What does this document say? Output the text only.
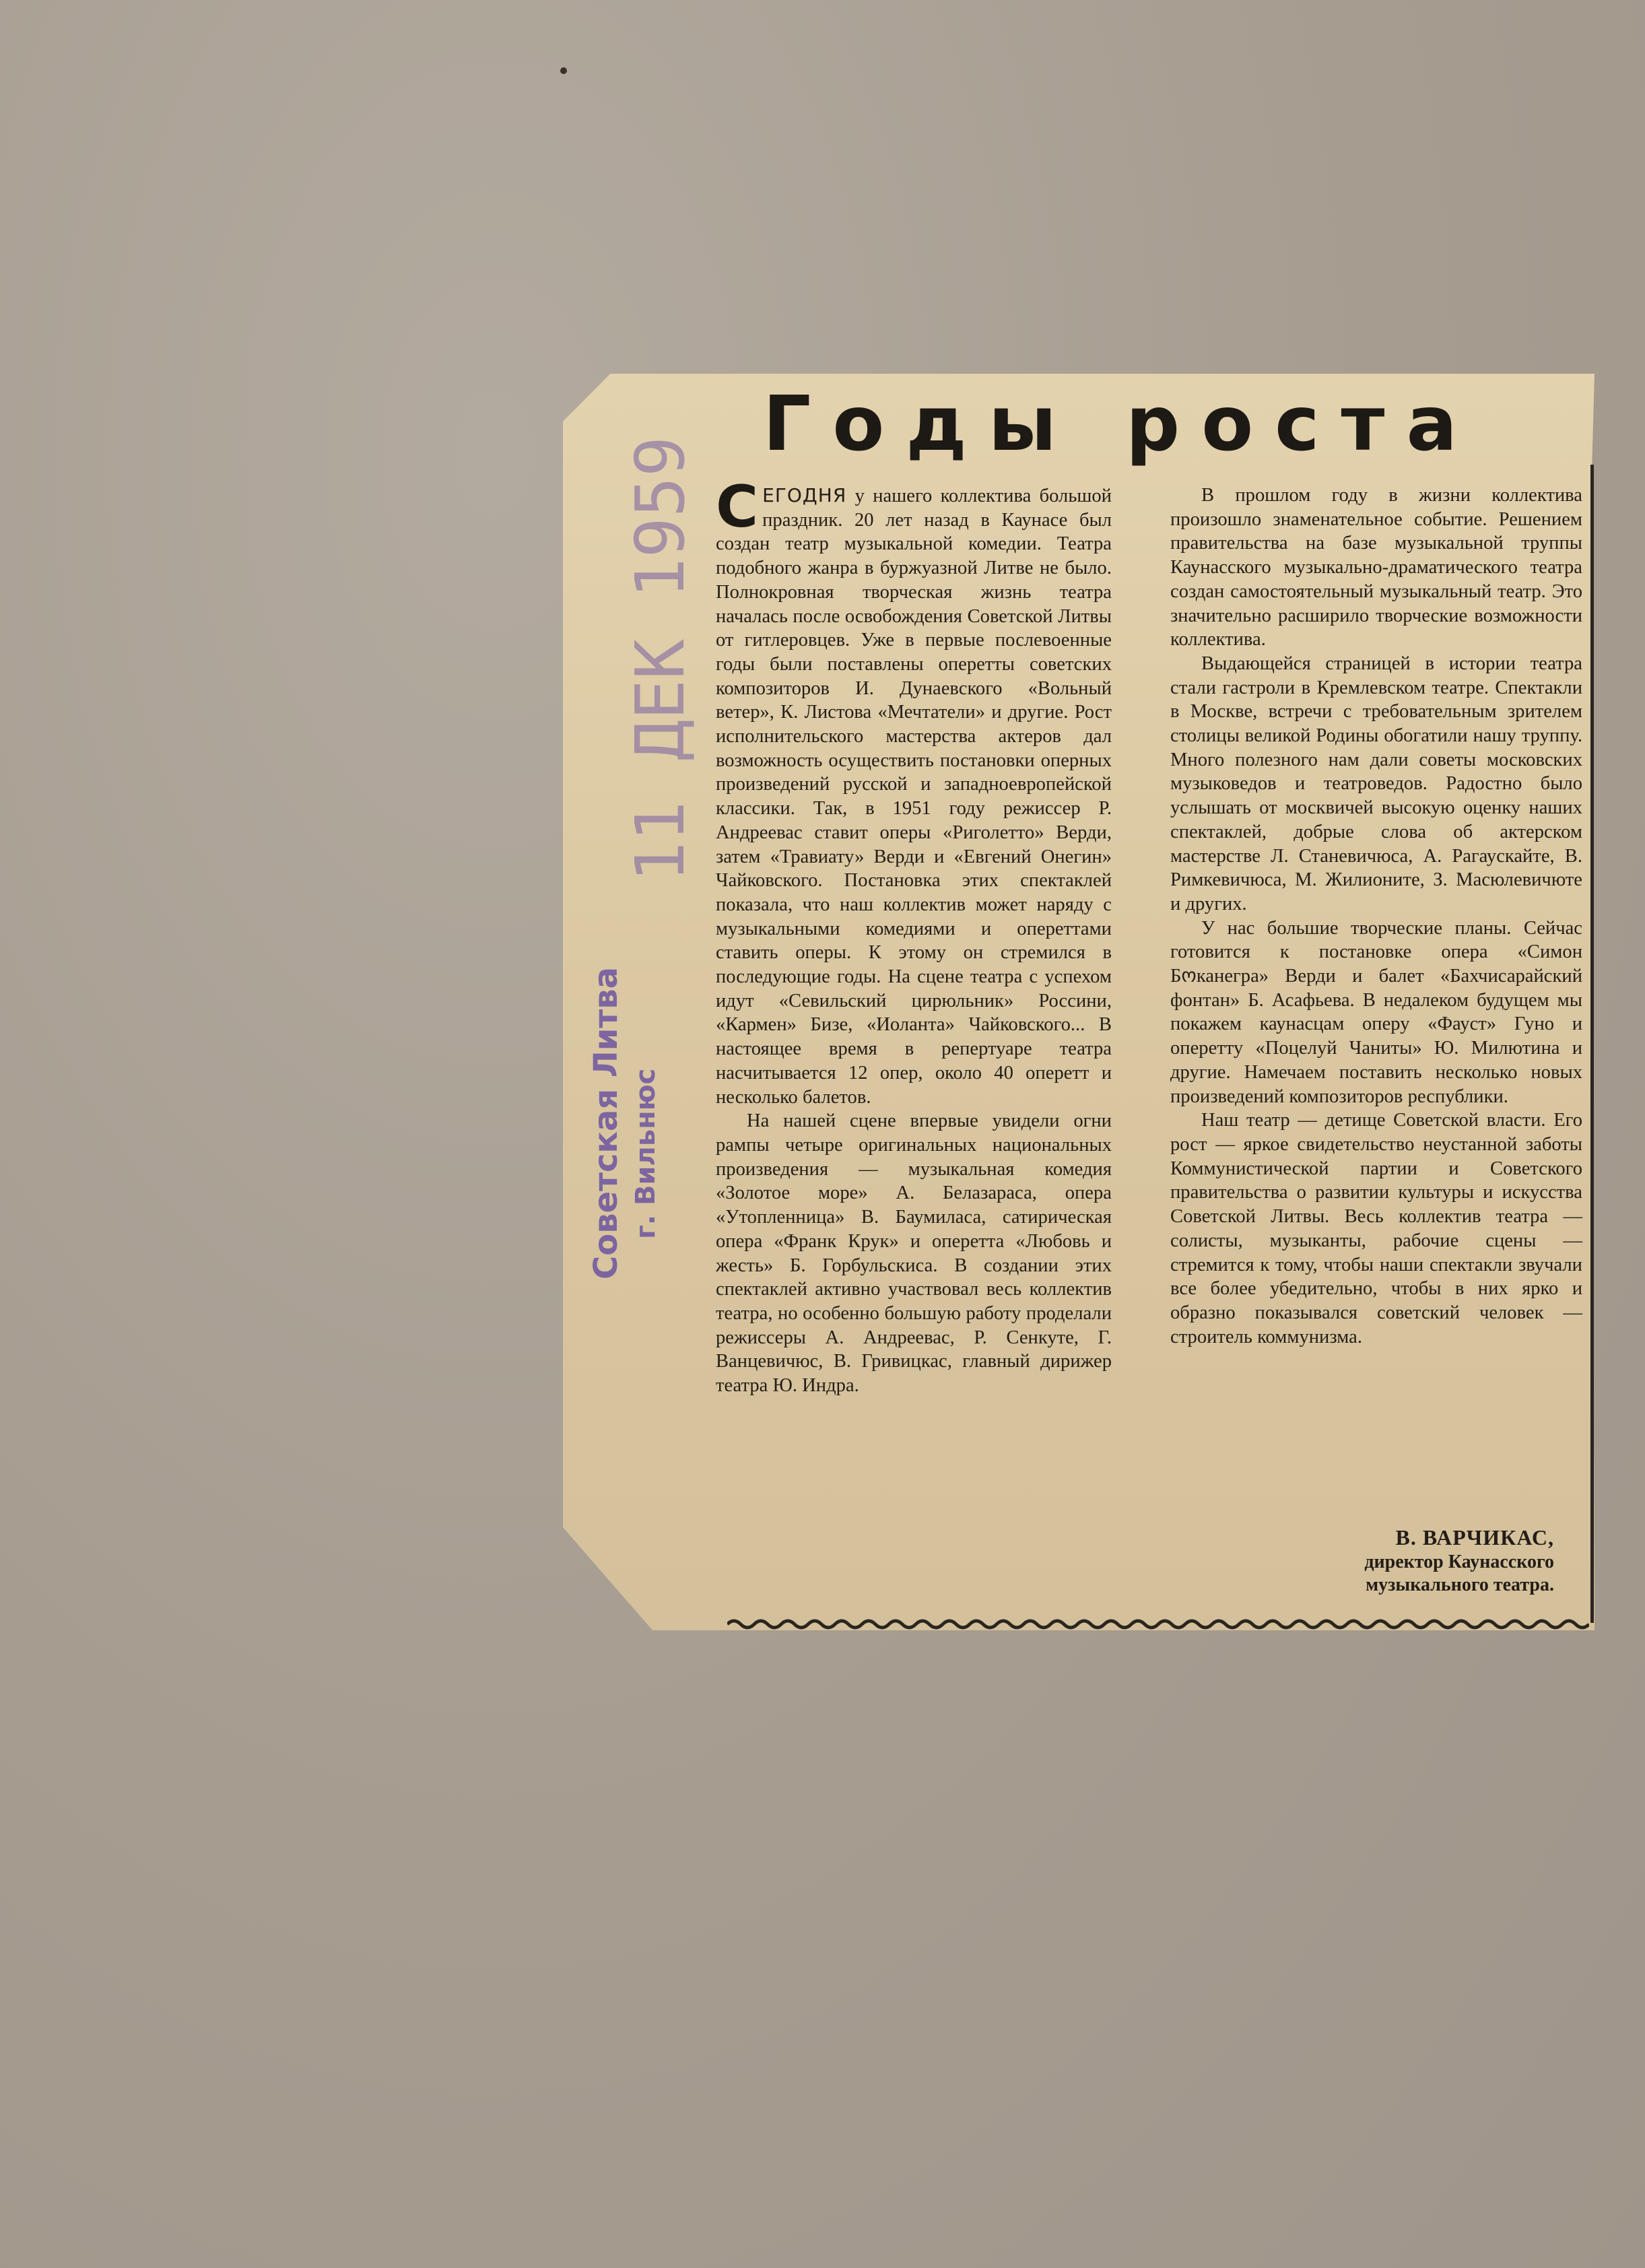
Годы роста

СЕГОДНЯ у нашего коллектива большой праздник. 20 лет назад в Каунасе был создан театр музыкальной комедии. Театра подобного жанра в буржуазной Литве не было. Полнокровная творческая жизнь театра началась после освобождения Советской Литвы от гитлеровцев. Уже в первые послевоенные годы были поставлены оперетты советских композиторов И. Дунаевского «Вольный ветер», К. Листова «Мечтатели» и другие. Рост исполнительского мастерства актеров дал возможность осуществить постановки оперных произведений русской и западноевропейской классики. Так, в 1951 году режиссер Р. Андреевас ставит оперы «Риголетто» Верди, затем «Травиату» Верди и «Евгений Онегин» Чайковского. Постановка этих спектаклей показала, что наш коллектив может наряду с музыкальными комедиями и опереттами ставить оперы. К этому он стремился в последующие годы. На сцене театра с успехом идут «Севильский цирюльник» Россини, «Кармен» Бизе, «Иоланта» Чайковского... В настоящее время в репертуаре театра насчитывается 12 опер, около 40 оперетт и несколько балетов.

На нашей сцене впервые увидели огни рампы четыре оригинальных национальных произведения — музыкальная комедия «Золотое море» А. Белазараса, опера «Утопленница» В. Баумиласа, сатирическая опера «Франк Крук» и оперетта «Любовь и жесть» Б. Горбульскиса. В создании этих спектаклей активно участвовал весь коллектив театра, но особенно большую работу проделали режиссеры А. Андреевас, Р. Сенкуте, Г. Ванцевичюс, В. Гривицкас, главный дирижер театра Ю. Индра.

В прошлом году в жизни коллектива произошло знаменательное событие. Решением правительства на базе музыкальной труппы Каунасского музыкально-драматического театра создан самостоятельный музыкальный театр. Это значительно расширило творческие возможности коллектива.

Выдающейся страницей в истории театра стали гастроли в Кремлевском театре. Спектакли в Москве, встречи с требовательным зрителем столицы великой Родины обогатили нашу труппу. Много полезного нам дали советы московских музыковедов и театроведов. Радостно было услышать от москвичей высокую оценку наших спектаклей, добрые слова об актерском мастерстве Л. Станевичюса, А. Рагаускайте, В. Римкевичюса, М. Жилионите, З. Масюлевичюте и других.

У нас большие творческие планы. Сейчас готовится к постановке опера «Симон Бოканегра» Верди и балет «Бахчисарайский фонтан» Б. Асафьева. В недалеком будущем мы покажем каунасцам оперу «Фауст» Гуно и оперетту «Поцелуй Чаниты» Ю. Милютина и другие. Намечаем поставить несколько новых произведений композиторов республики.

Наш театр — детище Советской власти. Его рост — яркое свидетельство неустанной заботы Коммунистической партии и Советского правительства о развитии культуры и искусства Советской Литвы. Весь коллектив театра — солисты, музыканты, рабочие сцены — стремится к тому, чтобы наши спектакли звучали все более убедительно, чтобы в них ярко и образно показывался советский человек — строитель коммунизма.

В. ВАРЧИКАС,
директор Каунасского
музыкального театра.
Советская Литва г. Вильнюс
11 ДЕК 1959
